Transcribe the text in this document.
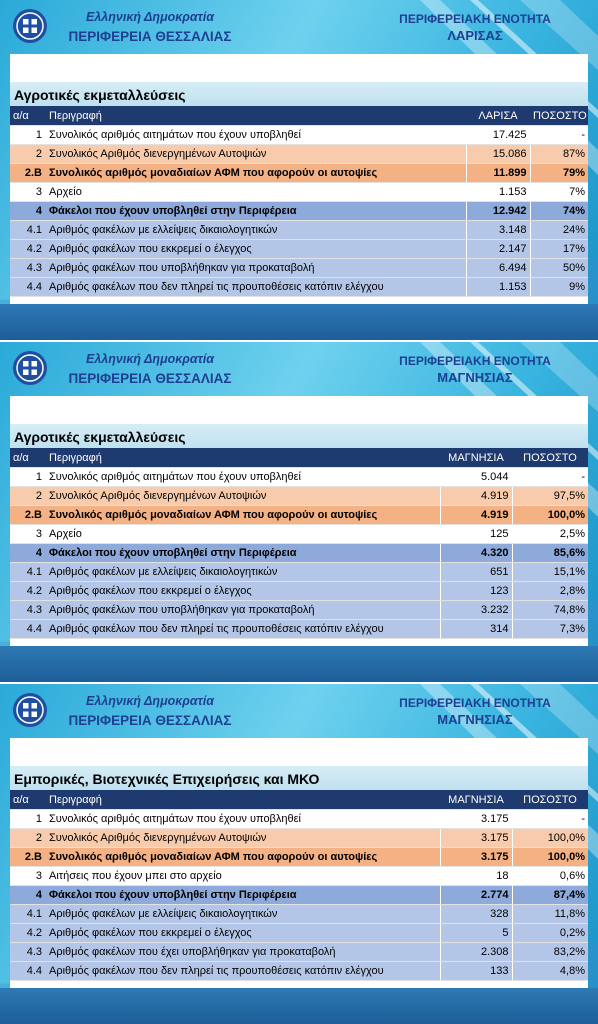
Ελληνική Δημοκρατία
ΠΕΡΙΦΕΡΕΙΑ ΘΕΣΣΑΛΙΑΣ
ΠΕΡΙΦΕΡΕΙΑΚΗ ΕΝΟΤΗΤΑ
ΛΑΡΙΣΑΣ
Αγροτικές εκμεταλλεύσεις
α/α	Περιγραφή	ΛΑΡΙΣΑ	ΠΟΣΟΣΤΟ
1	Συνολικός αριθμός αιτημάτων που έχουν υποβληθεί	17.425	-
2	Συνολικός Αριθμός διενεργημένων Αυτοψιών	15.086	87%
2.Β	Συνολικός αριθμός μοναδιαίων ΑΦΜ που αφορούν οι αυτοψίες	11.899	79%
3	Αρχείο	1.153	7%
4	Φάκελοι που έχουν υποβληθεί στην Περιφέρεια	12.942	74%
4.1	Αριθμός φακέλων με ελλείψεις δικαιολογητικών	3.148	24%
4.2	Αριθμός φακέλων που εκκρεμεί ο έλεγχος	2.147	17%
4.3	Αριθμός φακέλων που υποβλήθηκαν για προκαταβολή	6.494	50%
4.4	Αριθμός φακέλων που δεν πληρεί τις προυποθέσεις κατόπιν ελέγχου	1.153	9%
Ελληνική Δημοκρατία
ΠΕΡΙΦΕΡΕΙΑ ΘΕΣΣΑΛΙΑΣ
ΠΕΡΙΦΕΡΕΙΑΚΗ ΕΝΟΤΗΤΑ
ΜΑΓΝΗΣΙΑΣ
Αγροτικές εκμεταλλεύσεις
α/α	Περιγραφή	ΜΑΓΝΗΣΙΑ	ΠΟΣΟΣΤΟ
1	Συνολικός αριθμός αιτημάτων που έχουν υποβληθεί	5.044	-
2	Συνολικός Αριθμός διενεργημένων Αυτοψιών	4.919	97,5%
2.Β	Συνολικός αριθμός μοναδιαίων ΑΦΜ που αφορούν οι αυτοψίες	4.919	100,0%
3	Αρχείο	125	2,5%
4	Φάκελοι που έχουν υποβληθεί στην Περιφέρεια	4.320	85,6%
4.1	Αριθμός φακέλων με ελλείψεις δικαιολογητικών	651	15,1%
4.2	Αριθμός φακέλων που εκκρεμεί ο έλεγχος	123	2,8%
4.3	Αριθμός φακέλων που υποβλήθηκαν για προκαταβολή	3.232	74,8%
4.4	Αριθμός φακέλων που δεν πληρεί τις προυποθέσεις κατόπιν ελέγχου	314	7,3%
Ελληνική Δημοκρατία
ΠΕΡΙΦΕΡΕΙΑ ΘΕΣΣΑΛΙΑΣ
ΠΕΡΙΦΕΡΕΙΑΚΗ ΕΝΟΤΗΤΑ
ΜΑΓΝΗΣΙΑΣ
Εμπορικές, Βιοτεχνικές Επιχειρήσεις και ΜΚΟ
α/α	Περιγραφή	ΜΑΓΝΗΣΙΑ	ΠΟΣΟΣΤΟ
1	Συνολικός αριθμός αιτημάτων που έχουν υποβληθεί	3.175	-
2	Συνολικός Αριθμός διενεργημένων Αυτοψιών	3.175	100,0%
2.Β	Συνολικός αριθμός μοναδιαίων ΑΦΜ που αφορούν οι αυτοψίες	3.175	100,0%
3	Αιτήσεις που έχουν μπει στο αρχείο	18	0,6%
4	Φάκελοι που έχουν υποβληθεί στην Περιφέρεια	2.774	87,4%
4.1	Αριθμός φακέλων με ελλείψεις δικαιολογητικών	328	11,8%
4.2	Αριθμός φακέλων που εκκρεμεί ο έλεγχος	5	0,2%
4.3	Αριθμός φακέλων που έχει υποβλήθηκαν για προκαταβολή	2.308	83,2%
4.4	Αριθμός φακέλων που δεν πληρεί τις προυποθέσεις κατόπιν ελέγχου	133	4,8%
